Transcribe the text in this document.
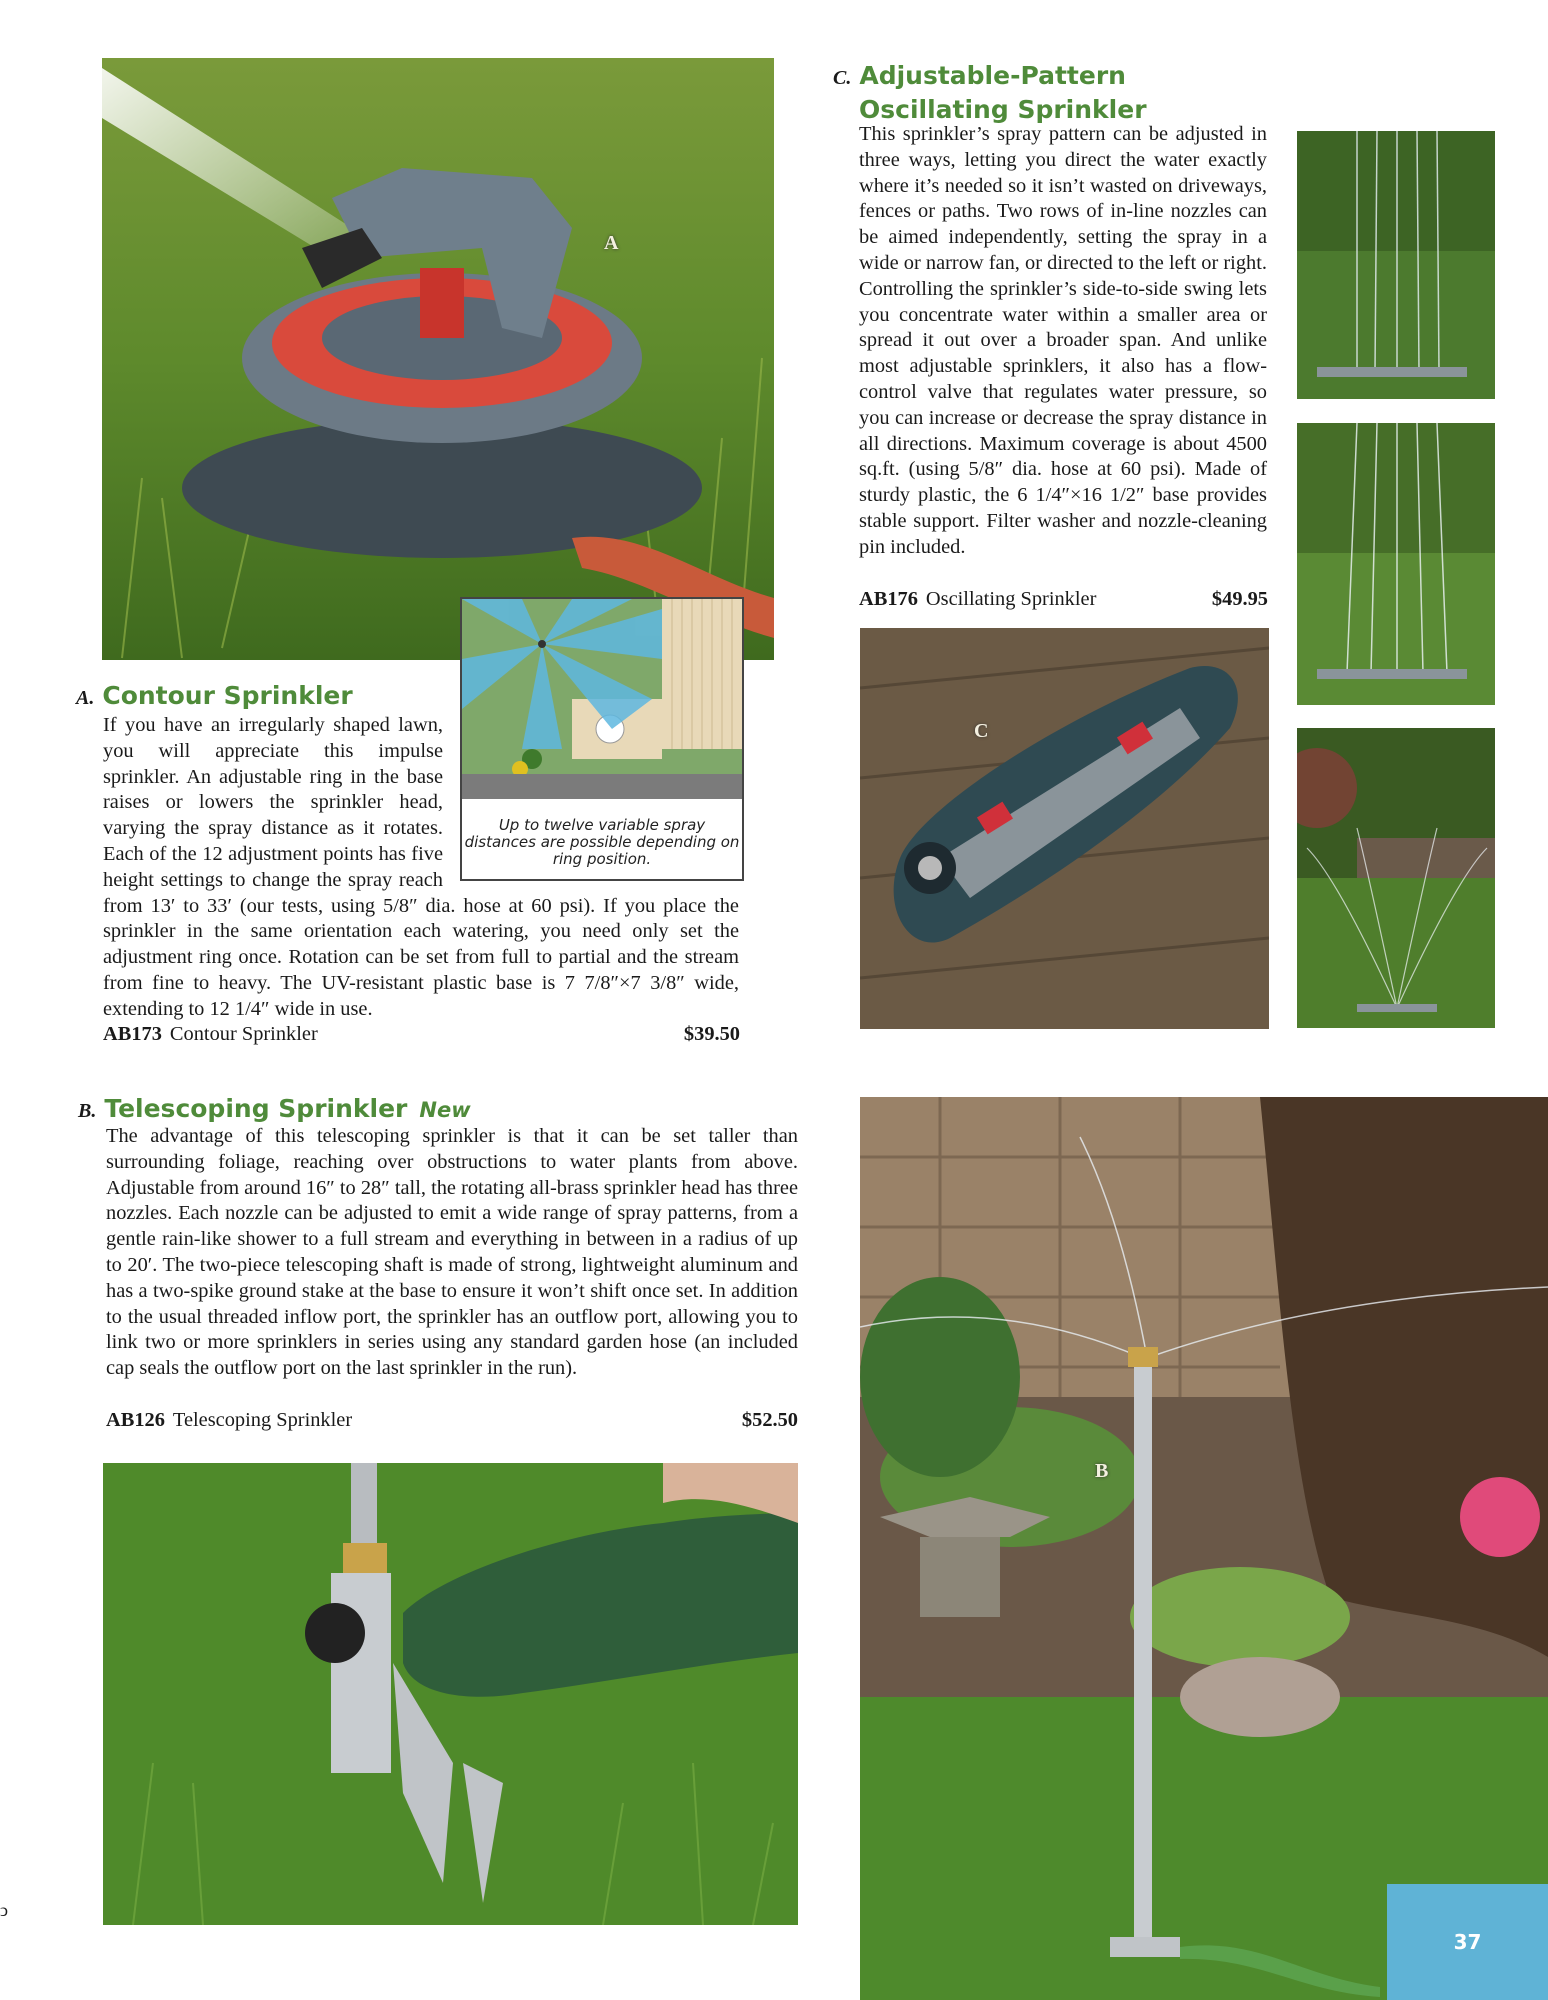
A
Up to twelve variable spray distances are possible depending on ring position.
A. Contour Sprinkler
If you have an irregularly shaped lawn, you will appreciate this impulse sprinkler. An adjustable ring in the base raises or lowers the sprinkler head, varying the spray distance as it rotates. Each of the 12 adjustment points has five height settings to change the spray reach from 13′ to 33′ (our tests, using 5/8″ dia. hose at 60 psi). If you place the sprinkler in the same orientation each watering, you need only set the adjustment ring once. Rotation can be set from full to partial and the stream from fine to heavy. The UV-resistant plastic base is 7 7/8″×7 3/8″ wide, extending to 12 1/4″ wide in use.
AB173 Contour Sprinkler	$39.50
C. Adjustable-Pattern
Oscillating Sprinkler
This sprinkler’s spray pattern can be adjusted in three ways, letting you direct the water exactly where it’s needed so it isn’t wasted on driveways, fences or paths. Two rows of in-line nozzles can be aimed independently, setting the spray in a wide or narrow fan, or directed to the left or right. Controlling the sprinkler’s side-to-side swing lets you concentrate water within a smaller area or spread it out over a broader span. And unlike most adjustable sprinklers, it also has a flow-control valve that regulates water pressure, so you can increase or decrease the spray distance in all directions. Maximum coverage is about 4500 sq.ft. (using 5/8″ dia. hose at 60 psi). Made of sturdy plastic, the 6 1/4″×16 1/2″ base provides stable support. Filter washer and nozzle-cleaning pin included.
AB176 Oscillating Sprinkler	$49.95
C
B. Telescoping Sprinkler New
The advantage of this telescoping sprinkler is that it can be set taller than surrounding foliage, reaching over obstructions to water plants from above. Adjustable from around 16″ to 28″ tall, the rotating all-brass sprinkler head has three nozzles. Each nozzle can be adjusted to emit a wide range of spray patterns, from a gentle rain-like shower to a full stream and everything in between in a radius of up to 20′. The two-piece telescoping shaft is made of strong, lightweight aluminum and has a two-spike ground stake at the base to ensure it won’t shift once set. In addition to the usual threaded inflow port, the sprinkler has an outflow port, allowing you to link two or more sprinklers in series using any standard garden hose (an included cap seals the outflow port on the last sprinkler in the run).
AB126 Telescoping Sprinkler	$52.50
B
37
ↄ
